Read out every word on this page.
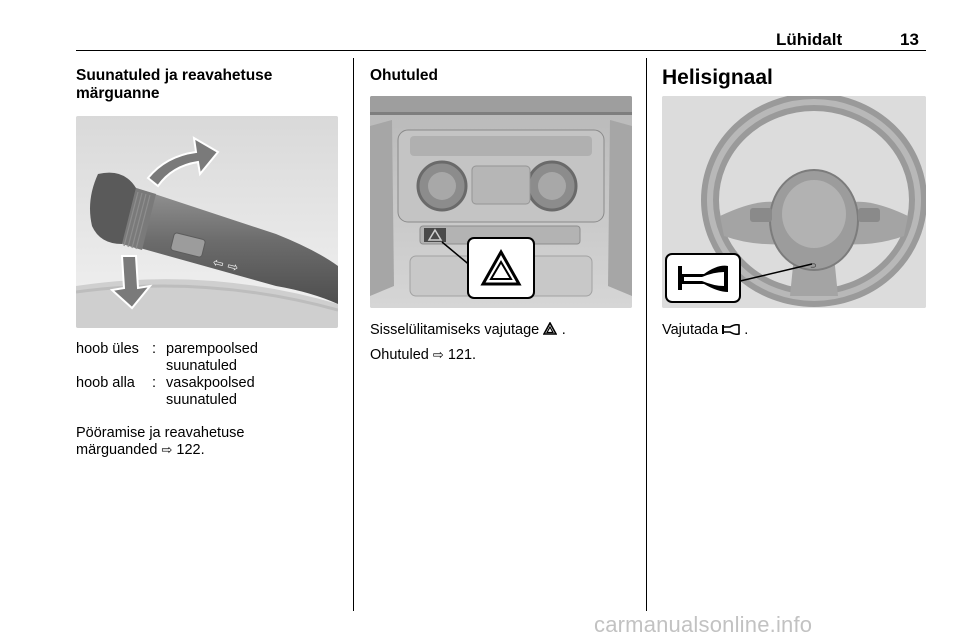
Lühidalt	13
Suunatuled ja reavahetuse
märguanne
⇦ ⇨
hoob üles	:	parempoolsed
suunatuled

hoob alla	:	vasakpoolsed
suunatuled
Pööramise ja reavahetuse
märguanded ⇨ 122.
Ohutuled
Sisselülitamiseks vajutage .
Ohutuled ⇨ 121.
Helisignaal
⊃
Vajutada .
carmanualsonline.info
